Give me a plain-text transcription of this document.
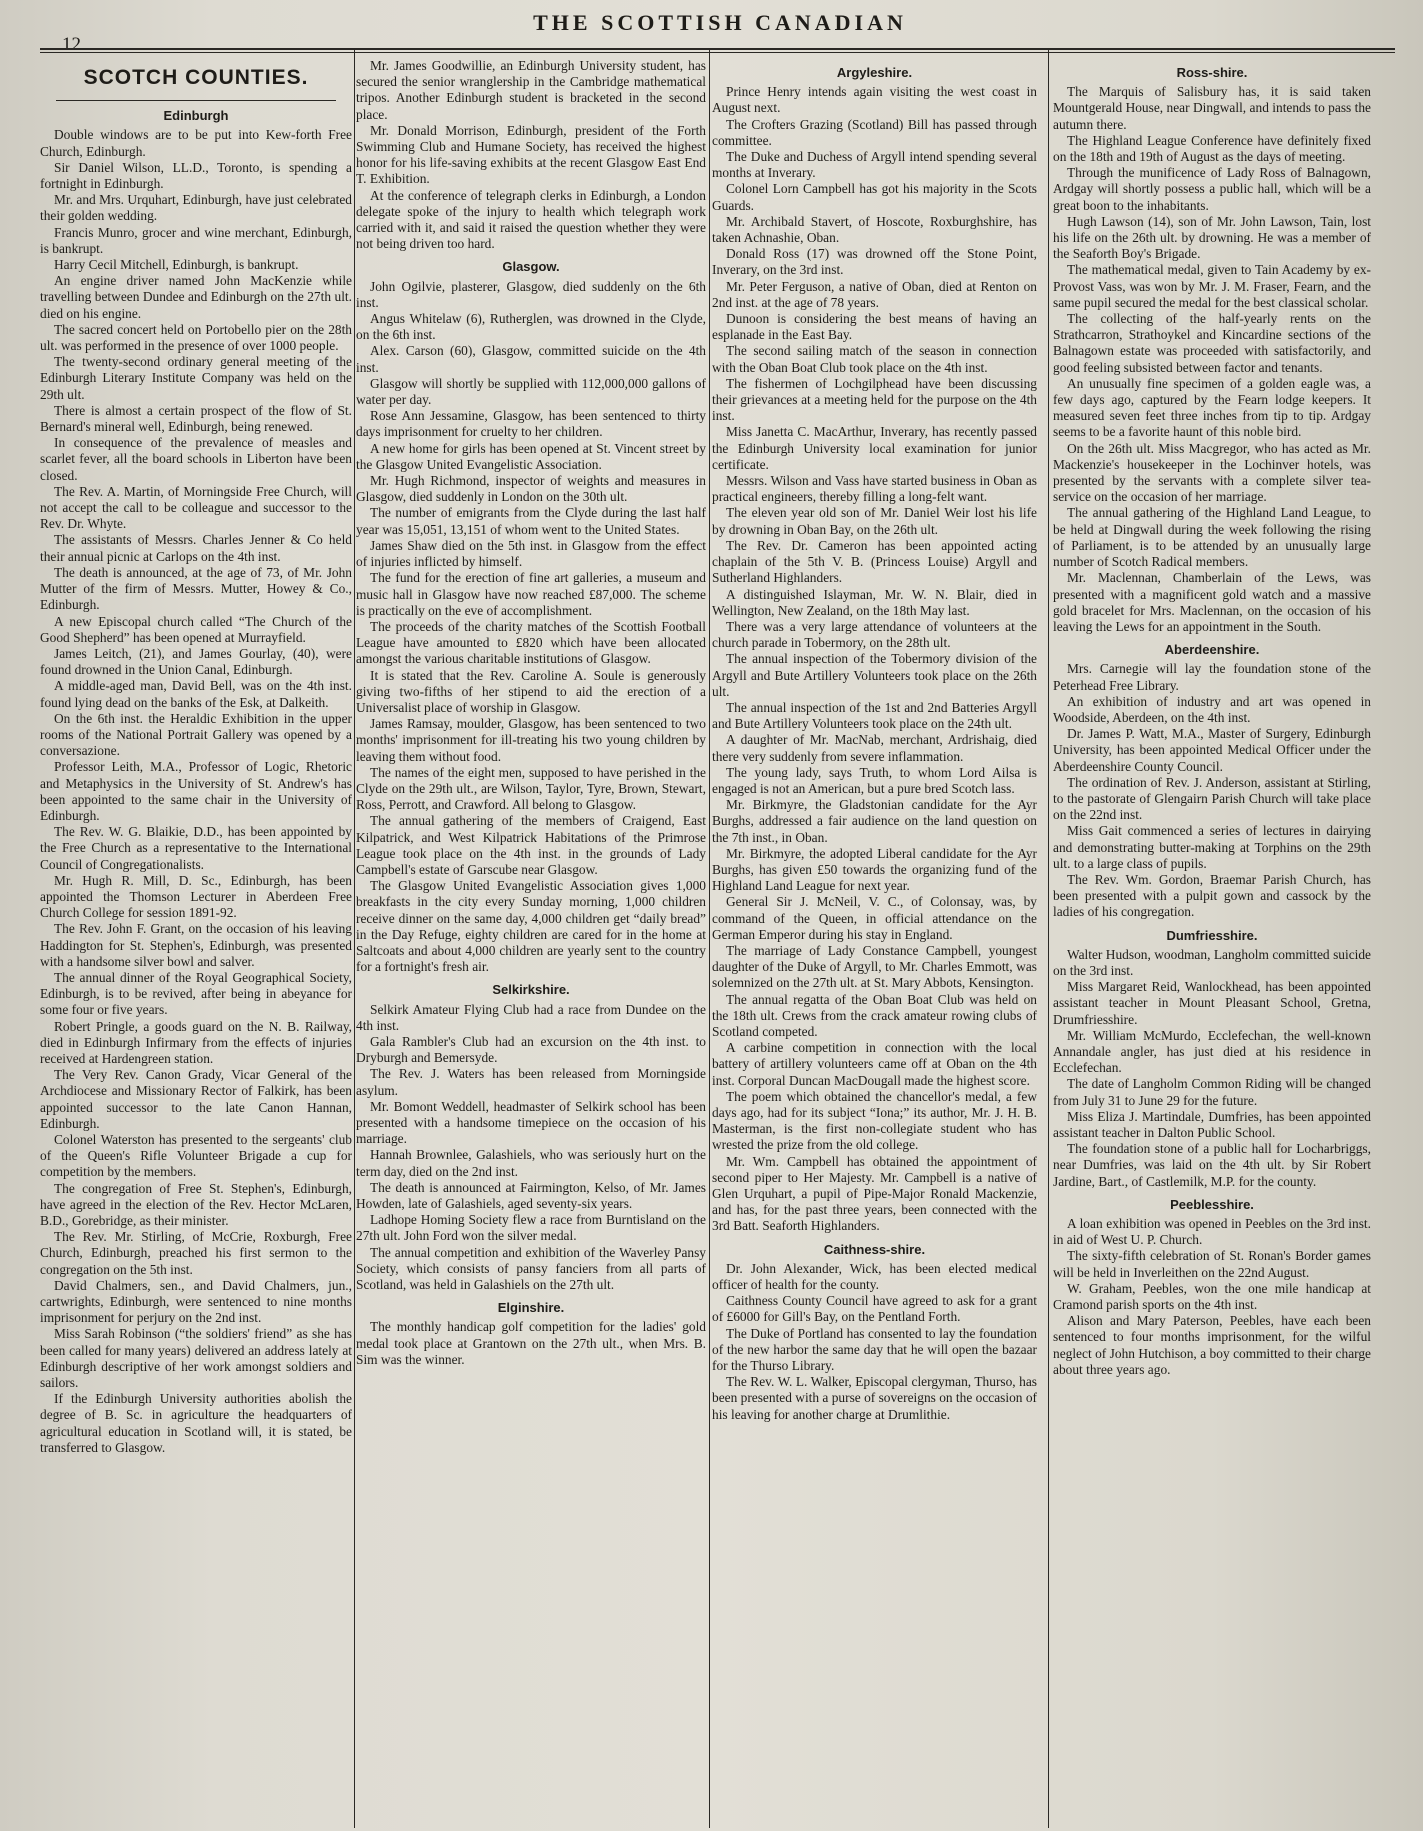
12
THE SCOTTISH CANADIAN
SCOTCH COUNTIES.
Edinburgh

Double windows are to be put into Kew-forth Free Church, Edinburgh.

Sir Daniel Wilson, LL.D., Toronto, is spending a fortnight in Edinburgh.

Mr. and Mrs. Urquhart, Edinburgh, have just celebrated their golden wedding.

Francis Munro, grocer and wine merchant, Edinburgh, is bankrupt.

Harry Cecil Mitchell, Edinburgh, is bankrupt.

An engine driver named John MacKenzie while travelling between Dundee and Edinburgh on the 27th ult. died on his engine.

The sacred concert held on Portobello pier on the 28th ult. was performed in the presence of over 1000 people.

The twenty-second ordinary general meeting of the Edinburgh Literary Institute Company was held on the 29th ult.

There is almost a certain prospect of the flow of St. Bernard's mineral well, Edinburgh, being renewed.

In consequence of the prevalence of measles and scarlet fever, all the board schools in Liberton have been closed.

The Rev. A. Martin, of Morningside Free Church, will not accept the call to be colleague and successor to the Rev. Dr. Whyte.

The assistants of Messrs. Charles Jenner & Co held their annual picnic at Carlops on the 4th inst.

The death is announced, at the age of 73, of Mr. John Mutter of the firm of Messrs. Mutter, Howey & Co., Edinburgh.

A new Episcopal church called “The Church of the Good Shepherd” has been opened at Murrayfield.

James Leitch, (21), and James Gourlay, (40), were found drowned in the Union Canal, Edinburgh.

A middle-aged man, David Bell, was on the 4th inst. found lying dead on the banks of the Esk, at Dalkeith.

On the 6th inst. the Heraldic Exhibition in the upper rooms of the National Portrait Gallery was opened by a conversazione.

Professor Leith, M.A., Professor of Logic, Rhetoric and Metaphysics in the University of St. Andrew's has been appointed to the same chair in the University of Edinburgh.

The Rev. W. G. Blaikie, D.D., has been appointed by the Free Church as a representative to the International Council of Congregationalists.

Mr. Hugh R. Mill, D. Sc., Edinburgh, has been appointed the Thomson Lecturer in Aberdeen Free Church College for session 1891-92.

The Rev. John F. Grant, on the occasion of his leaving Haddington for St. Stephen's, Edinburgh, was presented with a handsome silver bowl and salver.

The annual dinner of the Royal Geographical Society, Edinburgh, is to be revived, after being in abeyance for some four or five years.

Robert Pringle, a goods guard on the N. B. Railway, died in Edinburgh Infirmary from the effects of injuries received at Hardengreen station.

The Very Rev. Canon Grady, Vicar General of the Archdiocese and Missionary Rector of Falkirk, has been appointed successor to the late Canon Hannan, Edinburgh.

Colonel Waterston has presented to the sergeants' club of the Queen's Rifle Volunteer Brigade a cup for competition by the members.

The congregation of Free St. Stephen's, Edinburgh, have agreed in the election of the Rev. Hector McLaren, B.D., Gorebridge, as their minister.

The Rev. Mr. Stirling, of McCrie, Roxburgh, Free Church, Edinburgh, preached his first sermon to the congregation on the 5th inst.

David Chalmers, sen., and David Chalmers, jun., cartwrights, Edinburgh, were sentenced to nine months imprisonment for perjury on the 2nd inst.

Miss Sarah Robinson (“the soldiers' friend” as she has been called for many years) delivered an address lately at Edinburgh descriptive of her work amongst soldiers and sailors.

If the Edinburgh University authorities abolish the degree of B. Sc. in agriculture the headquarters of agricultural education in Scotland will, it is stated, be transferred to Glasgow.

Mr. James Goodwillie, an Edinburgh University student, has secured the senior wranglership in the Cambridge mathematical tripos. Another Edinburgh student is bracketed in the second place.

Mr. Donald Morrison, Edinburgh, president of the Forth Swimming Club and Humane Society, has received the highest honor for his life-saving exhibits at the recent Glasgow East End T. Exhibition.

At the conference of telegraph clerks in Edinburgh, a London delegate spoke of the injury to health which telegraph work carried with it, and said it raised the question whether they were not being driven too hard.

Glasgow.

John Ogilvie, plasterer, Glasgow, died suddenly on the 6th inst.

Angus Whitelaw (6), Rutherglen, was drowned in the Clyde, on the 6th inst.

Alex. Carson (60), Glasgow, committed suicide on the 4th inst.

Glasgow will shortly be supplied with 112,000,000 gallons of water per day.

Rose Ann Jessamine, Glasgow, has been sentenced to thirty days imprisonment for cruelty to her children.

A new home for girls has been opened at St. Vincent street by the Glasgow United Evangelistic Association.

Mr. Hugh Richmond, inspector of weights and measures in Glasgow, died suddenly in London on the 30th ult.

The number of emigrants from the Clyde during the last half year was 15,051, 13,151 of whom went to the United States.

James Shaw died on the 5th inst. in Glasgow from the effect of injuries inflicted by himself.

The fund for the erection of fine art galleries, a museum and music hall in Glasgow have now reached £87,000. The scheme is practically on the eve of accomplishment.

The proceeds of the charity matches of the Scottish Football League have amounted to £820 which have been allocated amongst the various charitable institutions of Glasgow.

It is stated that the Rev. Caroline A. Soule is generously giving two-fifths of her stipend to aid the erection of a Universalist place of worship in Glasgow.

James Ramsay, moulder, Glasgow, has been sentenced to two months' imprisonment for ill-treating his two young children by leaving them without food.

The names of the eight men, supposed to have perished in the Clyde on the 29th ult., are Wilson, Taylor, Tyre, Brown, Stewart, Ross, Perrott, and Crawford. All belong to Glasgow.

The annual gathering of the members of Craigend, East Kilpatrick, and West Kilpatrick Habitations of the Primrose League took place on the 4th inst. in the grounds of Lady Campbell's estate of Garscube near Glasgow.

The Glasgow United Evangelistic Association gives 1,000 breakfasts in the city every Sunday morning, 1,000 children receive dinner on the same day, 4,000 children get “daily bread” in the Day Refuge, eighty children are cared for in the home at Saltcoats and about 4,000 children are yearly sent to the country for a fortnight's fresh air.

Selkirkshire.

Selkirk Amateur Flying Club had a race from Dundee on the 4th inst.

Gala Rambler's Club had an excursion on the 4th inst. to Dryburgh and Bemersyde.

The Rev. J. Waters has been released from Morningside asylum.

Mr. Bomont Weddell, headmaster of Selkirk school has been presented with a handsome timepiece on the occasion of his marriage.

Hannah Brownlee, Galashiels, who was seriously hurt on the term day, died on the 2nd inst.

The death is announced at Fairmington, Kelso, of Mr. James Howden, late of Galashiels, aged seventy-six years.

Ladhope Homing Society flew a race from Burntisland on the 27th ult. John Ford won the silver medal.

The annual competition and exhibition of the Waverley Pansy Society, which consists of pansy fanciers from all parts of Scotland, was held in Galashiels on the 27th ult.

Elginshire.

The monthly handicap golf competition for the ladies' gold medal took place at Grantown on the 27th ult., when Mrs. B. Sim was the winner.

Argyleshire.

Prince Henry intends again visiting the west coast in August next.

The Crofters Grazing (Scotland) Bill has passed through committee.

The Duke and Duchess of Argyll intend spending several months at Inverary.

Colonel Lorn Campbell has got his majority in the Scots Guards.

Mr. Archibald Stavert, of Hoscote, Roxburghshire, has taken Achnashie, Oban.

Donald Ross (17) was drowned off the Stone Point, Inverary, on the 3rd inst.

Mr. Peter Ferguson, a native of Oban, died at Renton on 2nd inst. at the age of 78 years.

Dunoon is considering the best means of having an esplanade in the East Bay.

The second sailing match of the season in connection with the Oban Boat Club took place on the 4th inst.

The fishermen of Lochgilphead have been discussing their grievances at a meeting held for the purpose on the 4th inst.

Miss Janetta C. MacArthur, Inverary, has recently passed the Edinburgh University local examination for junior certificate.

Messrs. Wilson and Vass have started business in Oban as practical engineers, thereby filling a long-felt want.

The eleven year old son of Mr. Daniel Weir lost his life by drowning in Oban Bay, on the 26th ult.

The Rev. Dr. Cameron has been appointed acting chaplain of the 5th V. B. (Princess Louise) Argyll and Sutherland Highlanders.

A distinguished Islayman, Mr. W. N. Blair, died in Wellington, New Zealand, on the 18th May last.

There was a very large attendance of volunteers at the church parade in Tobermory, on the 28th ult.

The annual inspection of the Tobermory division of the Argyll and Bute Artillery Volunteers took place on the 26th ult.

The annual inspection of the 1st and 2nd Batteries Argyll and Bute Artillery Volunteers took place on the 24th ult.

A daughter of Mr. MacNab, merchant, Ardrishaig, died there very suddenly from severe inflammation.

The young lady, says Truth, to whom Lord Ailsa is engaged is not an American, but a pure bred Scotch lass.

Mr. Birkmyre, the Gladstonian candidate for the Ayr Burghs, addressed a fair audience on the land question on the 7th inst., in Oban.

Mr. Birkmyre, the adopted Liberal candidate for the Ayr Burghs, has given £50 towards the organizing fund of the Highland Land League for next year.

General Sir J. McNeil, V. C., of Colonsay, was, by command of the Queen, in official attendance on the German Emperor during his stay in England.

The marriage of Lady Constance Campbell, youngest daughter of the Duke of Argyll, to Mr. Charles Emmott, was solemnized on the 27th ult. at St. Mary Abbots, Kensington.

The annual regatta of the Oban Boat Club was held on the 18th ult. Crews from the crack amateur rowing clubs of Scotland competed.

A carbine competition in connection with the local battery of artillery volunteers came off at Oban on the 4th inst. Corporal Duncan MacDougall made the highest score.

The poem which obtained the chancellor's medal, a few days ago, had for its subject “Iona;” its author, Mr. J. H. B. Masterman, is the first non-collegiate student who has wrested the prize from the old college.

Mr. Wm. Campbell has obtained the appointment of second piper to Her Majesty. Mr. Campbell is a native of Glen Urquhart, a pupil of Pipe-Major Ronald Mackenzie, and has, for the past three years, been connected with the 3rd Batt. Seaforth Highlanders.

Caithness-shire.

Dr. John Alexander, Wick, has been elected medical officer of health for the county.

Caithness County Council have agreed to ask for a grant of £6000 for Gill's Bay, on the Pentland Forth.

The Duke of Portland has consented to lay the foundation of the new harbor the same day that he will open the bazaar for the Thurso Library.

The Rev. W. L. Walker, Episcopal clergyman, Thurso, has been presented with a purse of sovereigns on the occasion of his leaving for another charge at Drumlithie.

Ross-shire.

The Marquis of Salisbury has, it is said taken Mountgerald House, near Dingwall, and intends to pass the autumn there.

The Highland League Conference have definitely fixed on the 18th and 19th of August as the days of meeting.

Through the munificence of Lady Ross of Balnagown, Ardgay will shortly possess a public hall, which will be a great boon to the inhabitants.

Hugh Lawson (14), son of Mr. John Lawson, Tain, lost his life on the 26th ult. by drowning. He was a member of the Seaforth Boy's Brigade.

The mathematical medal, given to Tain Academy by ex-Provost Vass, was won by Mr. J. M. Fraser, Fearn, and the same pupil secured the medal for the best classical scholar.

The collecting of the half-yearly rents on the Strathcarron, Strathoykel and Kincardine sections of the Balnagown estate was proceeded with satisfactorily, and good feeling subsisted between factor and tenants.

An unusually fine specimen of a golden eagle was, a few days ago, captured by the Fearn lodge keepers. It measured seven feet three inches from tip to tip. Ardgay seems to be a favorite haunt of this noble bird.

On the 26th ult. Miss Macgregor, who has acted as Mr. Mackenzie's housekeeper in the Lochinver hotels, was presented by the servants with a complete silver tea-service on the occasion of her marriage.

The annual gathering of the Highland Land League, to be held at Dingwall during the week following the rising of Parliament, is to be attended by an unusually large number of Scotch Radical members.

Mr. Maclennan, Chamberlain of the Lews, was presented with a magnificent gold watch and a massive gold bracelet for Mrs. Maclennan, on the occasion of his leaving the Lews for an appointment in the South.

Aberdeenshire.

Mrs. Carnegie will lay the foundation stone of the Peterhead Free Library.

An exhibition of industry and art was opened in Woodside, Aberdeen, on the 4th inst.

Dr. James P. Watt, M.A., Master of Surgery, Edinburgh University, has been appointed Medical Officer under the Aberdeenshire County Council.

The ordination of Rev. J. Anderson, assistant at Stirling, to the pastorate of Glengairn Parish Church will take place on the 22nd inst.

Miss Gait commenced a series of lectures in dairying and demonstrating butter-making at Torphins on the 29th ult. to a large class of pupils.

The Rev. Wm. Gordon, Braemar Parish Church, has been presented with a pulpit gown and cassock by the ladies of his congregation.

Dumfriesshire.

Walter Hudson, woodman, Langholm committed suicide on the 3rd inst.

Miss Margaret Reid, Wanlockhead, has been appointed assistant teacher in Mount Pleasant School, Gretna, Drumfriesshire.

Mr. William McMurdo, Ecclefechan, the well-known Annandale angler, has just died at his residence in Ecclefechan.

The date of Langholm Common Riding will be changed from July 31 to June 29 for the future.

Miss Eliza J. Martindale, Dumfries, has been appointed assistant teacher in Dalton Public School.

The foundation stone of a public hall for Locharbriggs, near Dumfries, was laid on the 4th ult. by Sir Robert Jardine, Bart., of Castlemilk, M.P. for the county.

Peeblesshire.

A loan exhibition was opened in Peebles on the 3rd inst. in aid of West U. P. Church.

The sixty-fifth celebration of St. Ronan's Border games will be held in Inverleithen on the 22nd August.

W. Graham, Peebles, won the one mile handicap at Cramond parish sports on the 4th inst.

Alison and Mary Paterson, Peebles, have each been sentenced to four months imprisonment, for the wilful neglect of John Hutchison, a boy committed to their charge about three years ago.
